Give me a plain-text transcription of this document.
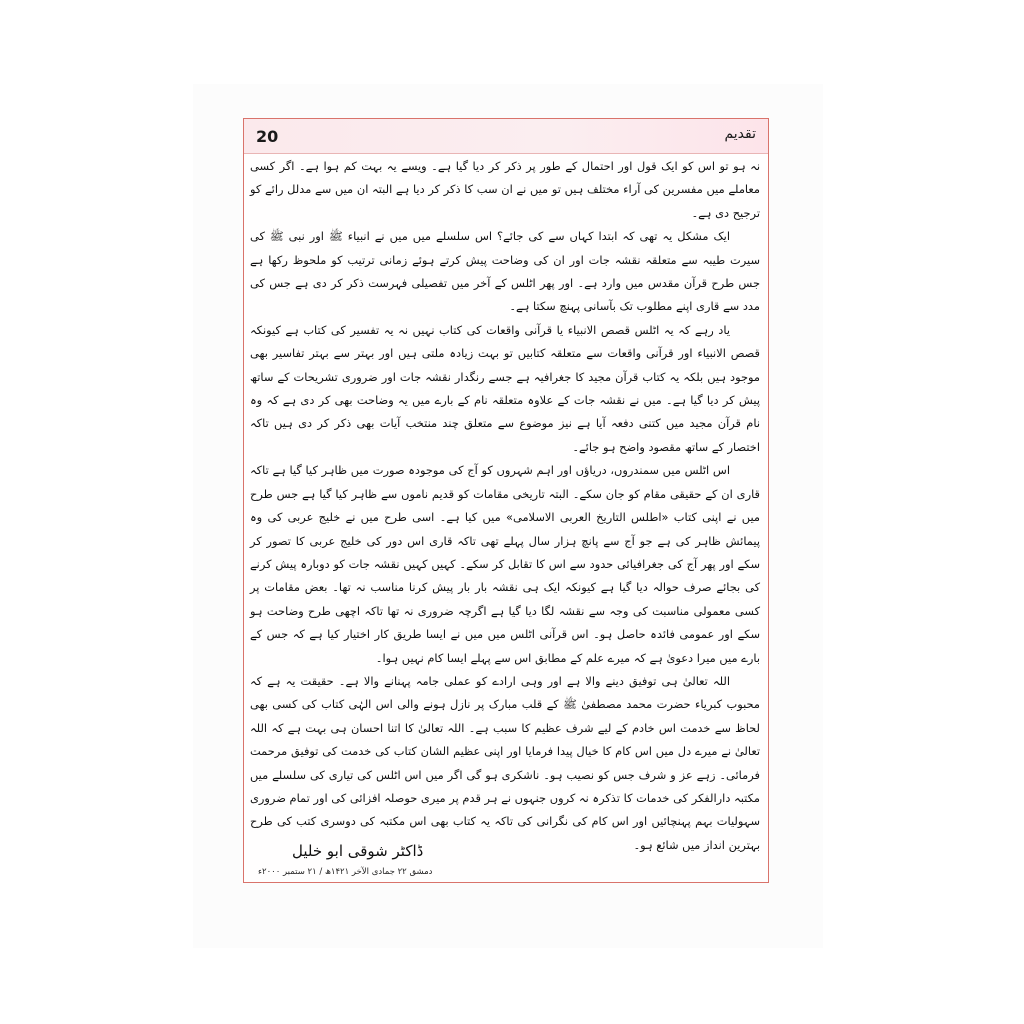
20	تقدیم

نہ ہو تو اس کو ایک قول اور احتمال کے طور پر ذکر کر دیا گیا ہے۔ ویسے یہ بہت کم ہوا ہے۔ اگر کسی معاملے میں مفسرین کی آراء مختلف ہیں تو میں نے ان سب کا ذکر کر دیا ہے البتہ ان میں سے مدلل رائے کو ترجیح دی ہے۔

ایک مشکل یہ تھی کہ ابتدا کہاں سے کی جائے؟ اس سلسلے میں میں نے انبیاء ﷺ اور نبی ﷺ کی سیرت طیبہ سے متعلقہ نقشہ جات اور ان کی وضاحت پیش کرتے ہوئے زمانی ترتیب کو ملحوظ رکھا ہے جس طرح قرآن مقدس میں وارد ہے۔ اور پھر اٹلس کے آخر میں تفصیلی فہرست ذکر کر دی ہے جس کی مدد سے قاری اپنے مطلوب تک بآسانی پہنچ سکتا ہے۔

یاد رہے کہ یہ اٹلس قصص الانبیاء یا قرآنی واقعات کی کتاب نہیں نہ یہ تفسیر کی کتاب ہے کیونکہ قصص الانبیاء اور قرآنی واقعات سے متعلقہ کتابیں تو بہت زیادہ ملتی ہیں اور بہتر سے بہتر تفاسیر بھی موجود ہیں بلکہ یہ کتاب قرآن مجید کا جغرافیہ ہے جسے رنگدار نقشہ جات اور ضروری تشریحات کے ساتھ پیش کر دیا گیا ہے۔ میں نے نقشہ جات کے علاوہ متعلقہ نام کے بارے میں یہ وضاحت بھی کر دی ہے کہ وہ نام قرآن مجید میں کتنی دفعہ آیا ہے نیز موضوع سے متعلق چند منتخب آیات بھی ذکر کر دی ہیں تاکہ اختصار کے ساتھ مقصود واضح ہو جائے۔

اس اٹلس میں سمندروں، دریاؤں اور اہم شہروں کو آج کی موجودہ صورت میں ظاہر کیا گیا ہے تاکہ قاری ان کے حقیقی مقام کو جان سکے۔ البتہ تاریخی مقامات کو قدیم ناموں سے ظاہر کیا گیا ہے جس طرح میں نے اپنی کتاب «اطلس التاریخ العربی الاسلامی» میں کیا ہے۔ اسی طرح میں نے خلیج عربی کی وہ پیمائش ظاہر کی ہے جو آج سے پانچ ہزار سال پہلے تھی تاکہ قاری اس دور کی خلیج عربی کا تصور کر سکے اور پھر آج کی جغرافیائی حدود سے اس کا تقابل کر سکے۔ کہیں کہیں نقشہ جات کو دوبارہ پیش کرنے کی بجائے صرف حوالہ دیا گیا ہے کیونکہ ایک ہی نقشہ بار بار پیش کرنا مناسب نہ تھا۔ بعض مقامات پر کسی معمولی مناسبت کی وجہ سے نقشہ لگا دیا گیا ہے اگرچہ ضروری نہ تھا تاکہ اچھی طرح وضاحت ہو سکے اور عمومی فائدہ حاصل ہو۔ اس قرآنی اٹلس میں میں نے ایسا طریق کار اختیار کیا ہے کہ جس کے بارے میں میرا دعویٰ ہے کہ میرے علم کے مطابق اس سے پہلے ایسا کام نہیں ہوا۔

اللہ تعالیٰ ہی توفیق دینے والا ہے اور وہی ارادے کو عملی جامہ پہنانے والا ہے۔ حقیقت یہ ہے کہ محبوب کبریاء حضرت محمد مصطفیٰ ﷺ کے قلب مبارک پر نازل ہونے والی اس الہٰی کتاب کی کسی بھی لحاظ سے خدمت اس خادم کے لیے شرف عظیم کا سبب ہے۔ اللہ تعالیٰ کا اتنا احسان ہی بہت ہے کہ اللہ تعالیٰ نے میرے دل میں اس کام کا خیال پیدا فرمایا اور اپنی عظیم الشان کتاب کی خدمت کی توفیق مرحمت فرمائی۔ زہے عز و شرف جس کو نصیب ہو۔ ناشکری ہو گی اگر میں اس اٹلس کی تیاری کی سلسلے میں مکتبہ دارالفکر کی خدمات کا تذکرہ نہ کروں جنہوں نے ہر قدم پر میری حوصلہ افزائی کی اور تمام ضروری سہولیات بہم پہنچائیں اور اس کام کی نگرانی کی تاکہ یہ کتاب بھی اس مکتبہ کی دوسری کتب کی طرح بہترین انداز میں شائع ہو۔

ڈاکٹر شوقی ابو خلیل
دمشق ۲۲ جمادی الآخر ۱۴۲۱ھ / ۲۱ ستمبر ۲۰۰۰ء
